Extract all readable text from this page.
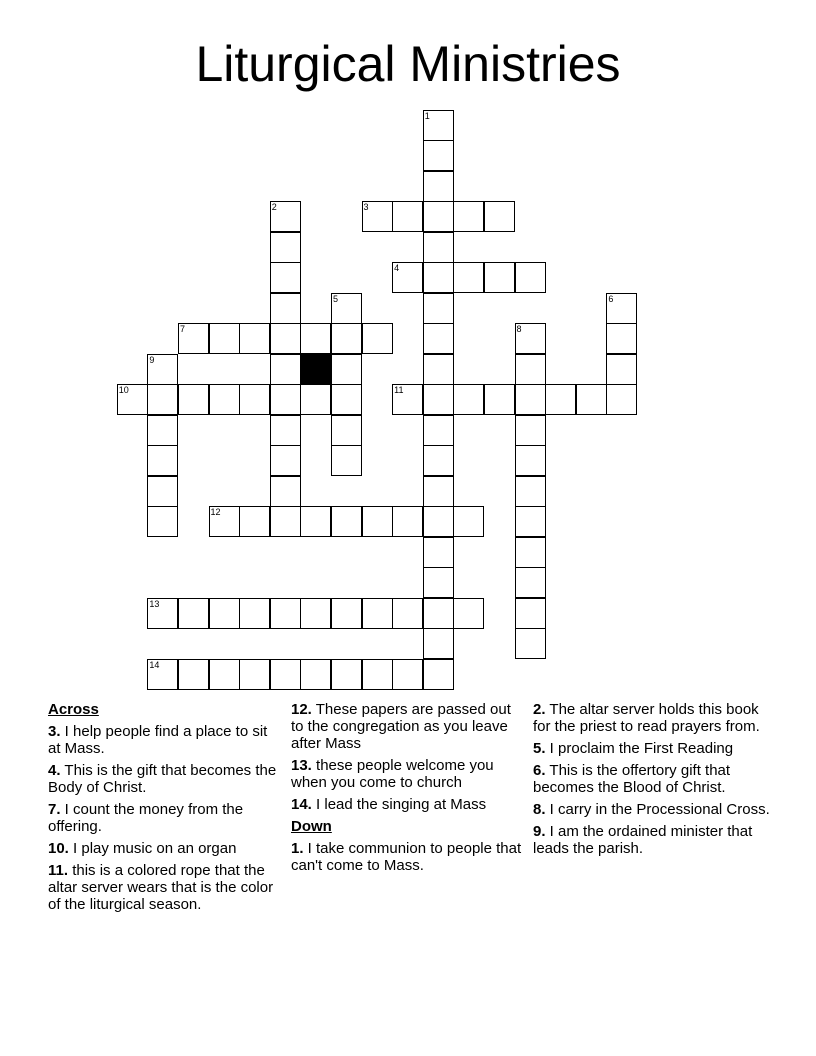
Liturgical Ministries
1
2	3
4
5	6
7	8
9
10	11
12
13
14
Across
3. I help people find a place to sit at Mass.
4. This is the gift that becomes the Body of Christ.
7. I count the money from the offering.
10. I play music on an organ
11. this is a colored rope that the altar server wears that is the color of the liturgical season.
12. These papers are passed out to the congregation as you leave after Mass
13. these people welcome you when you come to church
14. I lead the singing at Mass
Down
1. I take communion to people that can't come to Mass.
2. The altar server holds this book for the priest to read prayers from.
5. I proclaim the First Reading
6. This is the offertory gift that becomes the Blood of Christ.
8. I carry in the Processional Cross.
9. I am the ordained minister that leads the parish.
